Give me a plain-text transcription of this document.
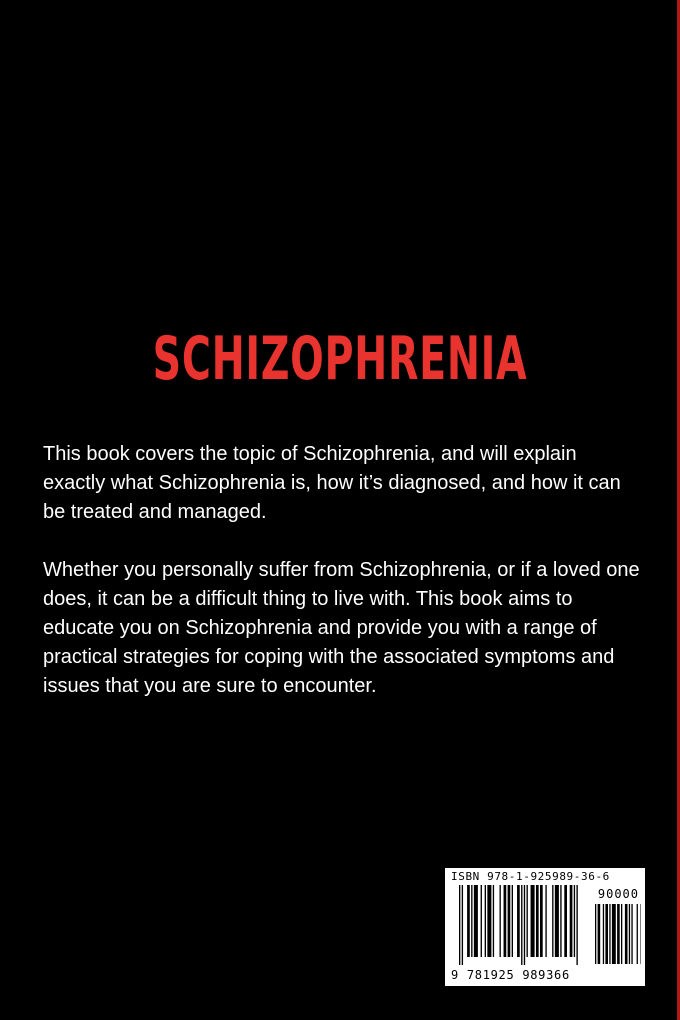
SCHIZOPHRENIA

This book covers the topic of Schizophrenia, and will explain exactly what Schizophrenia is, how it’s diagnosed, and how it can be treated and managed.

Whether you personally suffer from Schizophrenia, or if a loved one does, it can be a difficult thing to live with. This book aims to educate you on Schizophrenia and provide you with a range of practical strategies for coping with the associated symptoms and issues that you are sure to encounter.

ISBN 978-1-925989-36-6
90000
9 781925 989366
